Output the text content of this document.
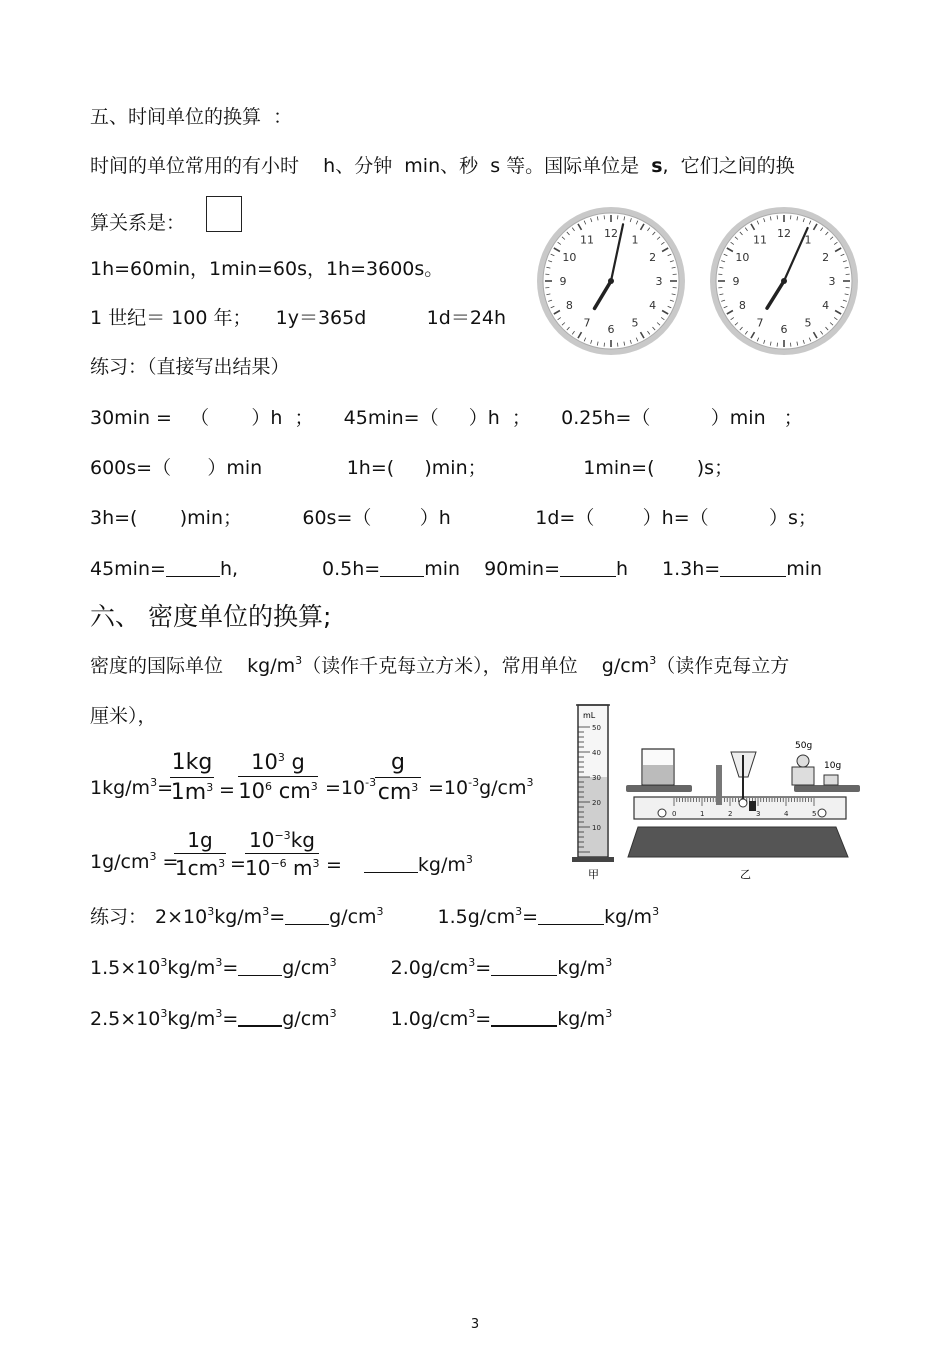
五、时间单位的换算  ：
时间的单位常用的有小时    h、分钟  min、秒  s 等。国际单位是  s,  它们之间的换
算关系是：
1h=60min，1min=60s，1h=3600s。
1 世纪＝ 100 年；    1y＝365d          1d＝24h
练习：（直接写出结果）
30min =   （       ）h  ；     45min=（     ）h  ；     0.25h=（          ）min   ；
600s=（      ）min              1h=(     )min；                1min=(       )s；
3h=(       )min；          60s=（        ）h              1d=（        ）h=（          ）s；
45min=	h,	0.5h= min 90min=	h 1.3h=	min
12 1
2
3
4
5
6
7
8
9
10
11	12 1
2
3
4
5
6
7
8
9
10
11
六、 密度单位的换算;
密度的国际单位    $kg/m^3$（读作千克每立方米），常用单位    $g/cm^3$（读作克每立方
厘米），
$1kg/m^3=$
1kg
$1m^3$ =
$10^3$ g
$10^6$ $cm^3 =10^{-3}$
g
$cm^3 =10^{-3}g/cm^3$
$1g/cm^3$ =
1g
$1cm^3$ =
$10^{-3}kg$
$10^{-6}$ $m^3$ =	$kg/m^3$
练习： $2\times 10^3kg/m^3= g/cm^3$	$1.5g/cm^3=$	$kg/m^3$
$1.5\times 10^3kg/m^3= g/cm^3$	$2.0g/cm^3=$	$kg/m^3$
$2.5\times 10^3kg/m^3= g/cm^3$	$1.0g/cm^3=$	$kg/m^3$
mL
50
40
30
20
10
0	1	2	3	4	5
50g
10g
甲	乙
3
